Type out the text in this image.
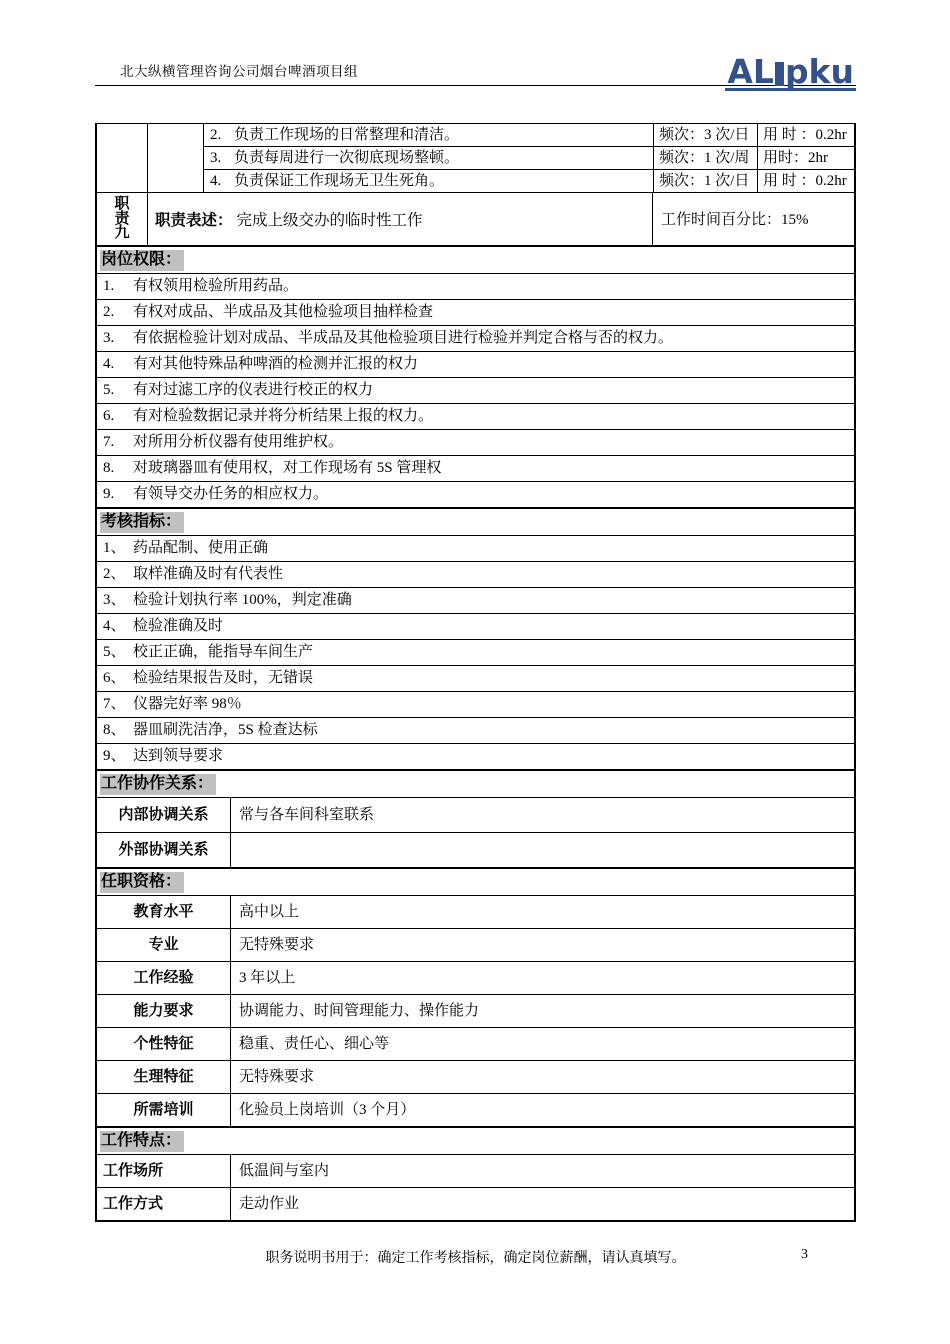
北大纵横管理咨询公司烟台啤酒项目组	AL pku
2. 负责工作现场的日常整理和清洁。	频次：3 次/日 用 时 ：0.2hr
3. 负责每周进行一次彻底现场整顿。	频次：1 次/周 用时：2hr
4. 负责保证工作现场无卫生死角。	频次：1 次/日 用 时 ：0.2hr
职责九
职责表述： 完成上级交办的临时性工作	工作时间百分比：15%
岗位权限：
1.	有权领用检验所用药品。
2.	有权对成品、半成品及其他检验项目抽样检查
3.	有依据检验计划对成品、半成品及其他检验项目进行检验并判定合格与否的权力。
4.	有对其他特殊品种啤酒的检测并汇报的权力
5.	有对过滤工序的仪表进行校正的权力
6.	有对检验数据记录并将分析结果上报的权力。
7.	对所用分析仪器有使用维护权。
8.	对玻璃器皿有使用权，对工作现场有 5S 管理权
9.	有领导交办任务的相应权力。
考核指标：
1、 药品配制、使用正确
2、 取样准确及时有代表性
3、 检验计划执行率 100%，判定准确
4、 检验准确及时
5、 校正正确，能指导车间生产
6、 检验结果报告及时，无错误
7、 仪器完好率 98％
8、 器皿刷洗洁净，5S 检查达标
9、 达到领导要求
工作协作关系：
内部协调关系	常与各车间科室联系
外部协调关系
任职资格：
教育水平	高中以上
专业	无特殊要求
工作经验	3 年以上
能力要求	协调能力、时间管理能力、操作能力
个性特征	稳重、责任心、细心等
生理特征	无特殊要求
所需培训	化验员上岗培训（3 个月）
工作特点：
工作场所	低温间与室内
工作方式	走动作业
职务说明书用于：确定工作考核指标，确定岗位薪酬，请认真填写。	3
